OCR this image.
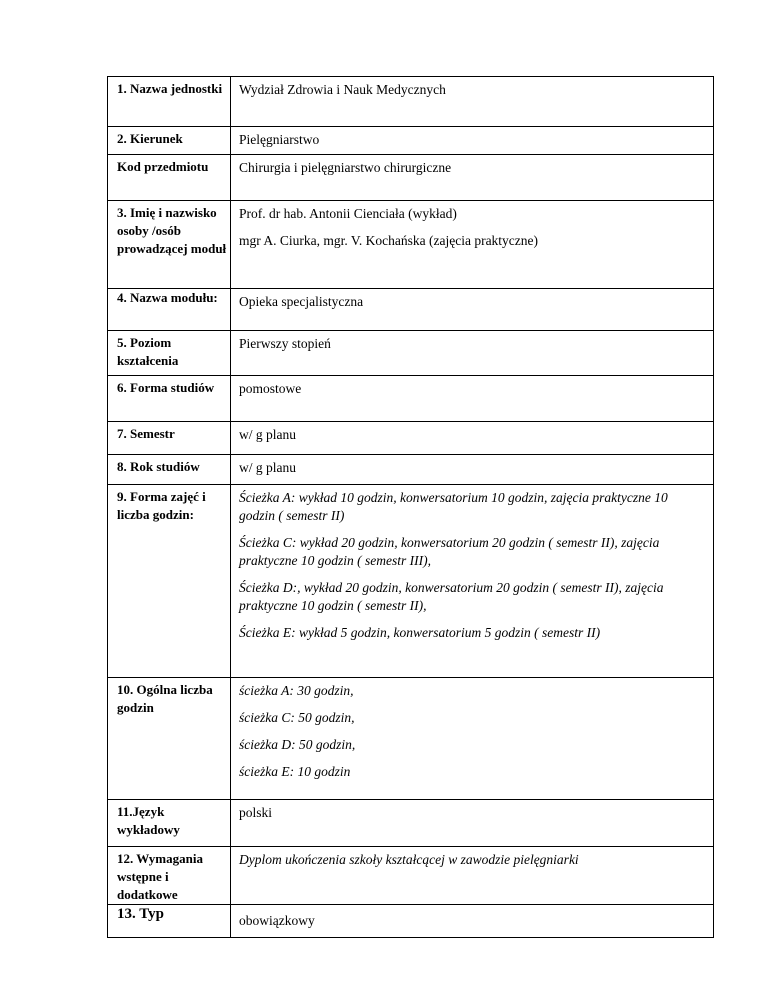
1. Nazwa jednostki	Wydział Zdrowia i Nauk Medycznych

2. Kierunek	Pielęgniarstwo

Kod przedmiotu	Chirurgia i pielęgniarstwo chirurgiczne

3. Imię i nazwisko osoby /osób prowadzącej moduł	Prof. dr hab. Antonii Cienciała (wykład)

mgr A. Ciurka, mgr. V. Kochańska (zajęcia praktyczne)

4. Nazwa modułu:	Opieka specjalistyczna

5. Poziom kształcenia	Pierwszy stopień

6. Forma studiów	pomostowe

7. Semestr	w/ g planu

8. Rok studiów	w/ g planu

9. Forma zajęć i liczba godzin:	Ścieżka A: wykład 10 godzin, konwersatorium 10 godzin, zajęcia praktyczne 10 godzin ( semestr II)

Ścieżka C: wykład 20 godzin, konwersatorium 20 godzin ( semestr II), zajęcia praktyczne 10 godzin ( semestr III),

Ścieżka D:, wykład 20 godzin, konwersatorium 20 godzin ( semestr II), zajęcia praktyczne 10 godzin ( semestr II),

Ścieżka E: wykład 5 godzin, konwersatorium 5 godzin ( semestr II)

10. Ogólna liczba godzin	ścieżka A: 30 godzin,

ścieżka C: 50 godzin,

ścieżka D: 50 godzin,

ścieżka E: 10 godzin

11.Język wykładowy	polski

12. Wymagania wstępne i dodatkowe	Dyplom ukończenia szkoły kształcącej w zawodzie pielęgniarki

13. Typ	obowiązkowy
